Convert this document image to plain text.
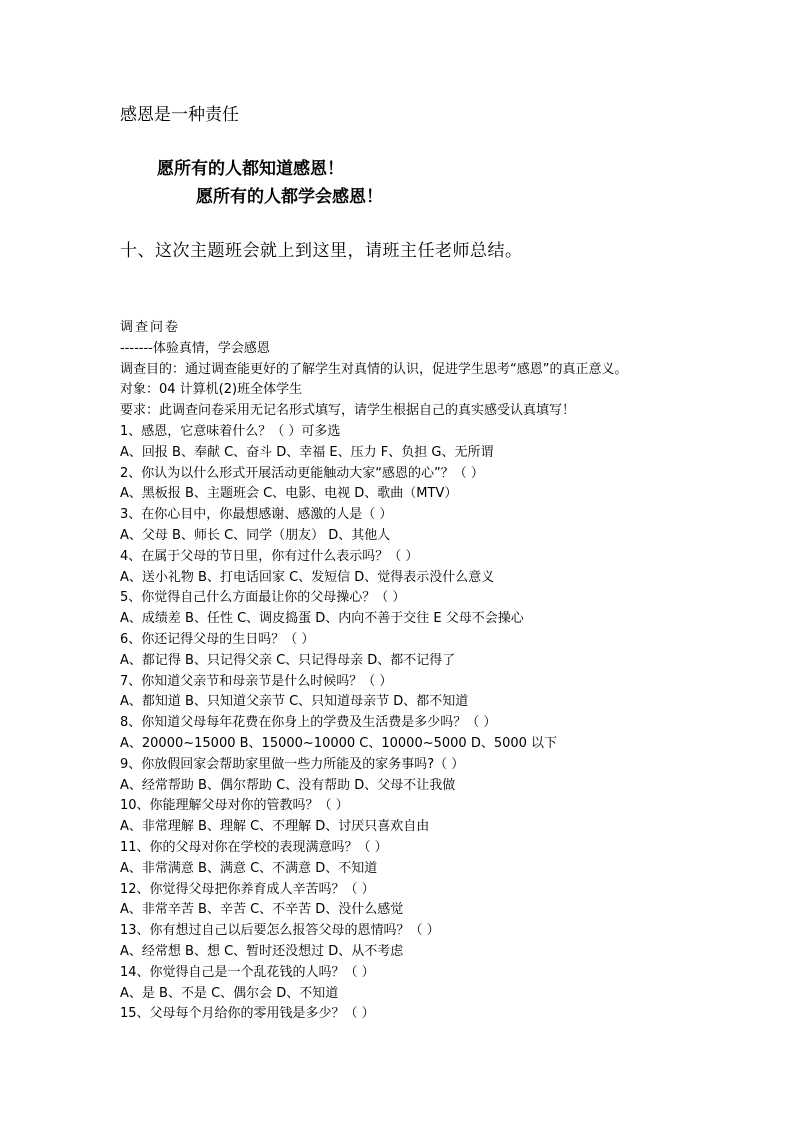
感恩是一种责任
愿所有的人都知道感恩！
愿所有的人都学会感恩！
十、这次主题班会就上到这里，请班主任老师总结。
调查问卷
-------体验真情，学会感恩
调查目的：通过调查能更好的了解学生对真情的认识，促进学生思考“感恩”的真正意义。
对象：04 计算机(2)班全体学生
要求：此调查问卷采用无记名形式填写，请学生根据自己的真实感受认真填写！
1、感恩，它意味着什么？（ ）可多选
A、回报 B、奉献 C、奋斗 D、幸福 E、压力 F、负担 G、无所谓
2、你认为以什么形式开展活动更能触动大家“感恩的心”？（ ）
A、黑板报 B、主题班会 C、电影、电视 D、歌曲（MTV）
3、在你心目中，你最想感谢、感激的人是（ ）
A、父母 B、师长 C、同学（朋友） D、其他人
4、在属于父母的节日里，你有过什么表示吗？（ ）
A、送小礼物 B、打电话回家 C、发短信 D、觉得表示没什么意义
5、你觉得自己什么方面最让你的父母操心？（ ）
A、成绩差 B、任性 C、调皮捣蛋 D、内向不善于交往 E 父母不会操心
6、你还记得父母的生日吗？（ ）
A、都记得 B、只记得父亲 C、只记得母亲 D、都不记得了
7、你知道父亲节和母亲节是什么时候吗？（ ）
A、都知道 B、只知道父亲节 C、只知道母亲节 D、都不知道
8、你知道父母每年花费在你身上的学费及生活费是多少吗？（ ）
A、20000~15000 B、15000~10000 C、10000~5000 D、5000 以下
9、你放假回家会帮助家里做一些力所能及的家务事吗?（ ）
A、经常帮助 B、偶尔帮助 C、没有帮助 D、父母不让我做
10、你能理解父母对你的管教吗？（ ）
A、非常理解 B、理解 C、不理解 D、讨厌只喜欢自由
11、你的父母对你在学校的表现满意吗？（ ）
A、非常满意 B、满意 C、不满意 D、不知道
12、你觉得父母把你养育成人辛苦吗？（ ）
A、非常辛苦 B、辛苦 C、不辛苦 D、没什么感觉
13、你有想过自己以后要怎么报答父母的恩情吗？（ ）
A、经常想 B、想 C、暂时还没想过 D、从不考虑
14、你觉得自己是一个乱花钱的人吗？（ ）
A、是 B、不是 C、偶尔会 D、不知道
15、父母每个月给你的零用钱是多少？（ ）
